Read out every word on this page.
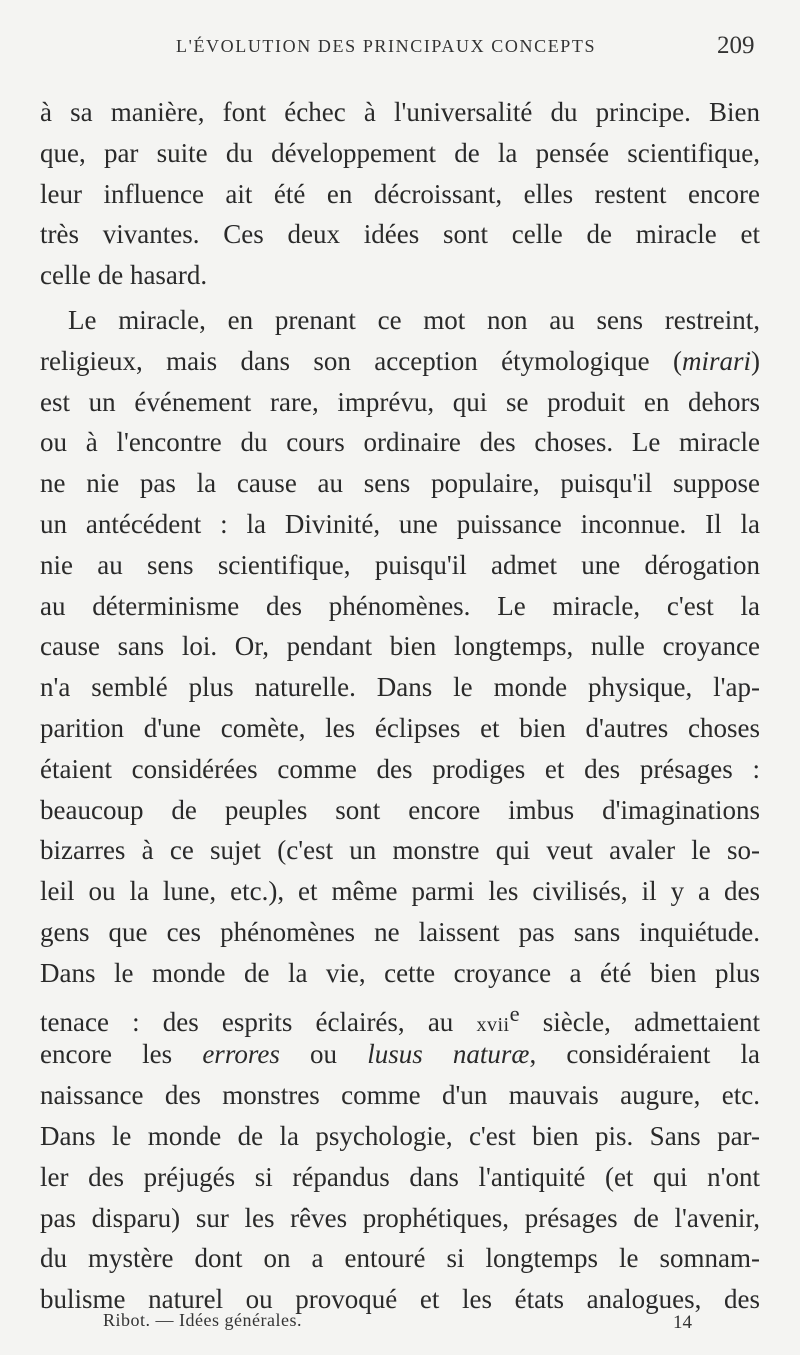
L'ÉVOLUTION DES PRINCIPAUX CONCEPTS	209
à sa manière, font échec à l'universalité du principe. Bien
que, par suite du développement de la pensée scientifique,
leur influence ait été en décroissant, elles restent encore
très vivantes. Ces deux idées sont celle de miracle et
celle de hasard.
Le miracle, en prenant ce mot non au sens restreint,
religieux, mais dans son acception étymologique (mirari)
est un événement rare, imprévu, qui se produit en dehors
ou à l'encontre du cours ordinaire des choses. Le miracle
ne nie pas la cause au sens populaire, puisqu'il suppose
un antécédent : la Divinité, une puissance inconnue. Il la
nie au sens scientifique, puisqu'il admet une dérogation
au déterminisme des phénomènes. Le miracle, c'est la
cause sans loi. Or, pendant bien longtemps, nulle croyance
n'a semblé plus naturelle. Dans le monde physique, l'ap-
parition d'une comète, les éclipses et bien d'autres choses
étaient considérées comme des prodiges et des présages :
beaucoup de peuples sont encore imbus d'imaginations
bizarres à ce sujet (c'est un monstre qui veut avaler le so-
leil ou la lune, etc.), et même parmi les civilisés, il y a des
gens que ces phénomènes ne laissent pas sans inquiétude.
Dans le monde de la vie, cette croyance a été bien plus
tenace : des esprits éclairés, au xvii$^e$ siècle, admettaient
encore les errores ou lusus naturæ, considéraient la
naissance des monstres comme d'un mauvais augure, etc.
Dans le monde de la psychologie, c'est bien pis. Sans par-
ler des préjugés si répandus dans l'antiquité (et qui n'ont
pas disparu) sur les rêves prophétiques, présages de l'avenir,
du mystère dont on a entouré si longtemps le somnam-
bulisme naturel ou provoqué et les états analogues, des
Ribot. — Idées générales.	14
